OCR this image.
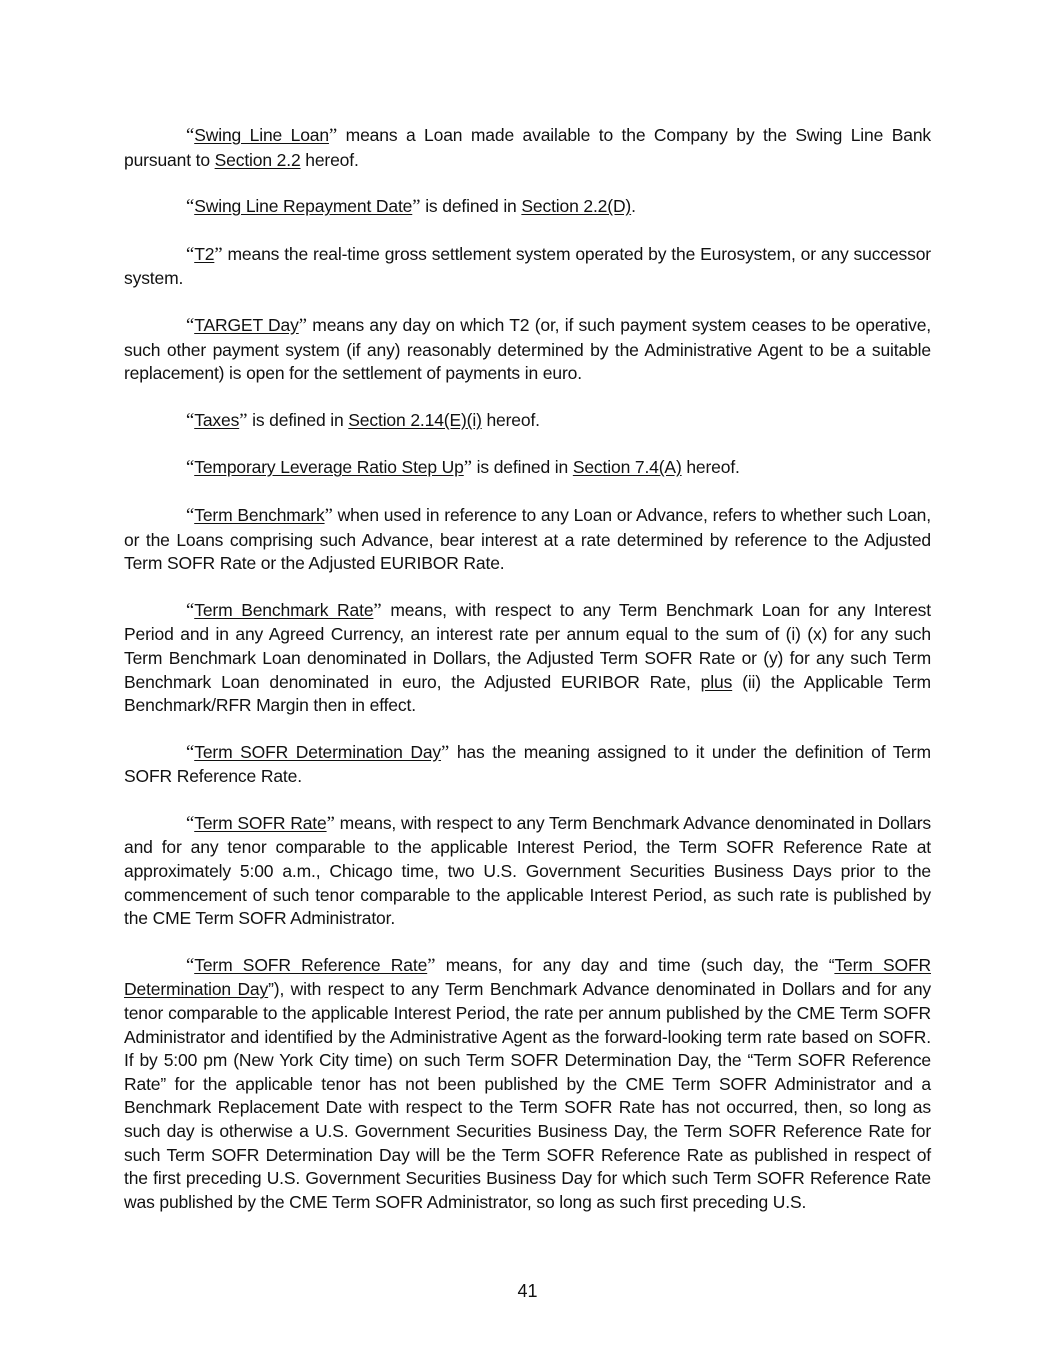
“Swing Line Loan” means a Loan made available to the Company by the Swing Line Bank pursuant to Section 2.2 hereof.

“Swing Line Repayment Date” is defined in Section 2.2(D).

“T2” means the real-time gross settlement system operated by the Eurosystem, or any successor system.

“TARGET Day” means any day on which T2 (or, if such payment system ceases to be operative, such other payment system (if any) reasonably determined by the Administrative Agent to be a suitable replacement) is open for the settlement of payments in euro.

“Taxes” is defined in Section 2.14(E)(i) hereof.

“Temporary Leverage Ratio Step Up” is defined in Section 7.4(A) hereof.

“Term Benchmark” when used in reference to any Loan or Advance, refers to whether such Loan, or the Loans comprising such Advance, bear interest at a rate determined by reference to the Adjusted Term SOFR Rate or the Adjusted EURIBOR Rate.

“Term Benchmark Rate” means, with respect to any Term Benchmark Loan for any Interest Period and in any Agreed Currency, an interest rate per annum equal to the sum of (i) (x) for any such Term Benchmark Loan denominated in Dollars, the Adjusted Term SOFR Rate or (y) for any such Term Benchmark Loan denominated in euro, the Adjusted EURIBOR Rate, plus (ii) the Applicable Term Benchmark/RFR Margin then in effect.

“Term SOFR Determination Day” has the meaning assigned to it under the definition of Term SOFR Reference Rate.

“Term SOFR Rate” means, with respect to any Term Benchmark Advance denominated in Dollars and for any tenor comparable to the applicable Interest Period, the Term SOFR Reference Rate at approximately 5:00 a.m., Chicago time, two U.S. Government Securities Business Days prior to the commencement of such tenor comparable to the applicable Interest Period, as such rate is published by the CME Term SOFR Administrator.

“Term SOFR Reference Rate” means, for any day and time (such day, the “Term SOFR Determination Day”), with respect to any Term Benchmark Advance denominated in Dollars and for any tenor comparable to the applicable Interest Period, the rate per annum published by the CME Term SOFR Administrator and identified by the Administrative Agent as the forward-looking term rate based on SOFR. If by 5:00 pm (New York City time) on such Term SOFR Determination Day, the “Term SOFR Reference Rate” for the applicable tenor has not been published by the CME Term SOFR Administrator and a Benchmark Replacement Date with respect to the Term SOFR Rate has not occurred, then, so long as such day is otherwise a U.S. Government Securities Business Day, the Term SOFR Reference Rate for such Term SOFR Determination Day will be the Term SOFR Reference Rate as published in respect of the first preceding U.S. Government Securities Business Day for which such Term SOFR Reference Rate was published by the CME Term SOFR Administrator, so long as such first preceding U.S.

41
